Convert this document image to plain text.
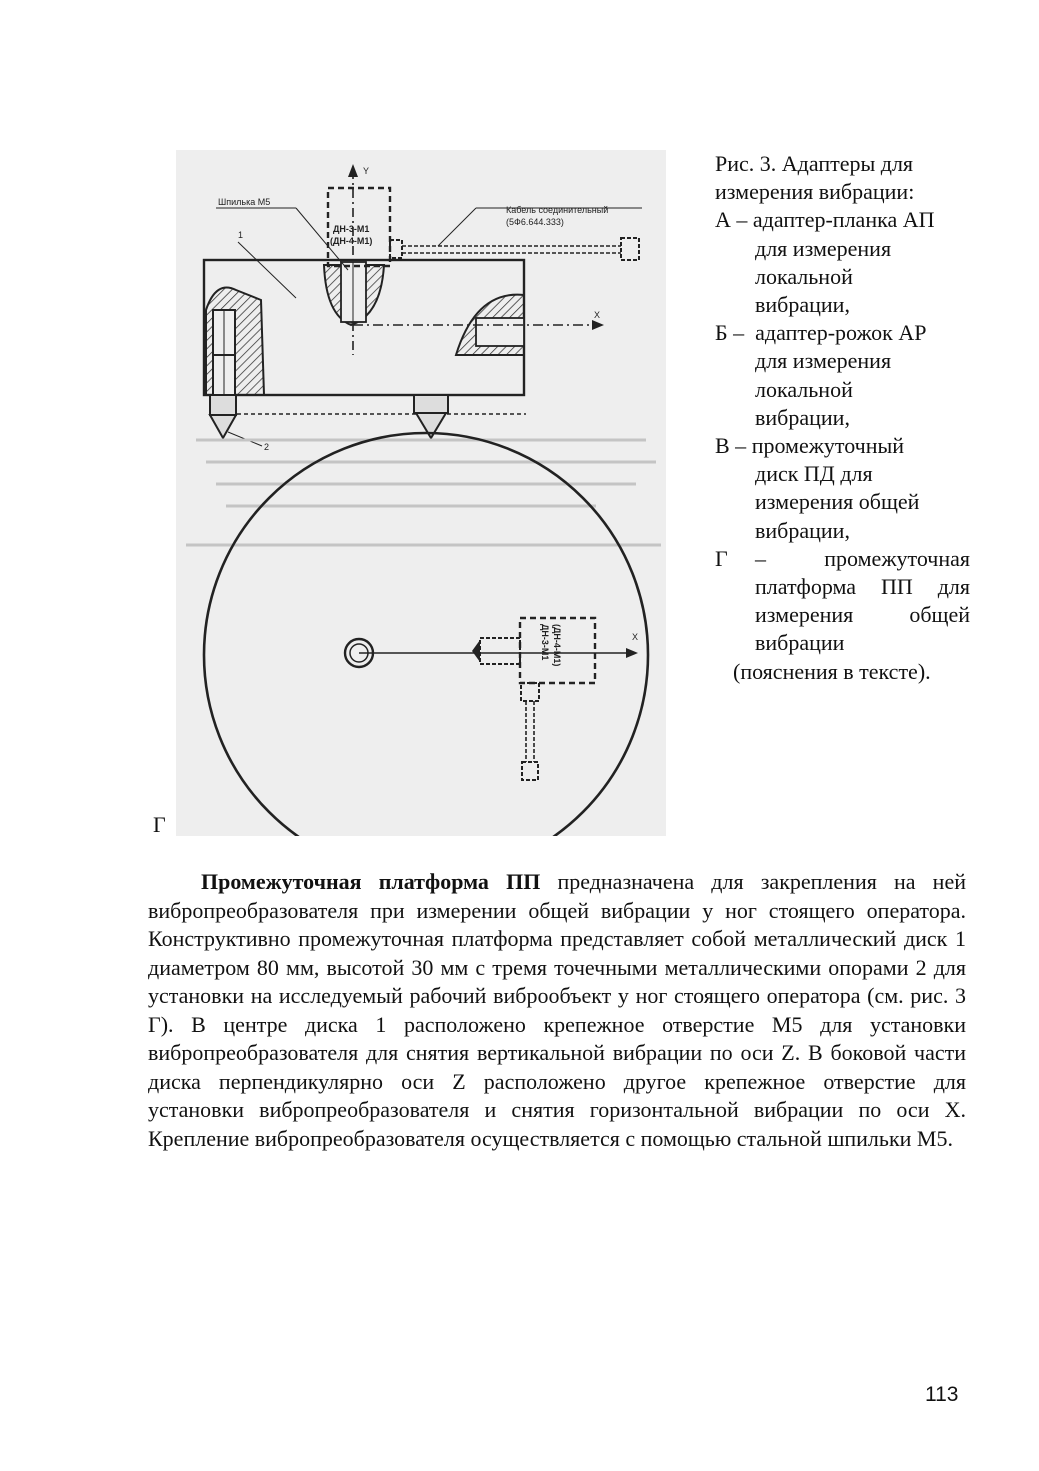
Y
ДН-3-М1
(ДН-4-М1)
Кабель соединительный
(5Ф6.644.333)
Шпилька М5
1
X
2
X
ДН-3-М1 (ДН-4-М1)
Г
Рис. 3. Адаптеры для
измерения вибрации:
А – адаптер-планка АП
для измерения
локальной
вибрации,
Б – адаптер-рожок АР
для измерения
локальной
вибрации,
В – промежуточный
диск ПД для
измерения общей
вибрации,
Г	– промежуточная платформа ПП для измерения общей вибрации
(пояснения в тексте).
Промежуточная платформа ПП предназначена для закрепления на ней вибропреобразователя при измерении общей вибрации у ног стоящего оператора. Конструктивно промежуточная платформа представляет собой металлический диск 1 диаметром 80 мм, высотой 30 мм с тремя точечными металлическими опорами 2 для установки на исследуемый рабочий виброобъект у ног стоящего оператора (см. рис. 3 Г). В центре диска 1 расположено крепежное отверстие М5 для установки вибропреобразователя для снятия вертикальной вибрации по оси Z. В боковой части диска перпендикулярно оси Z расположено другое крепежное отверстие для установки вибропреобразователя и снятия горизонтальной вибрации по оси X. Крепление вибропреобразователя осуществляется с помощью стальной шпильки М5.
113
